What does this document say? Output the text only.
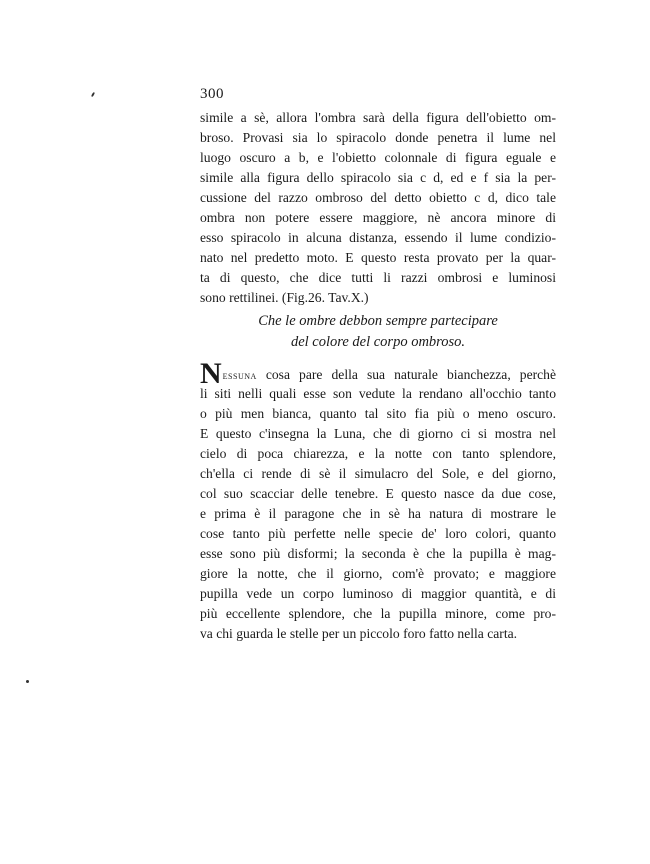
300
simile a sè, allora l'ombra sarà della figura dell'obietto om-
broso. Provasi sia lo spiracolo donde penetra il lume nel
luogo oscuro a b, e l'obietto colonnale di figura eguale e
simile alla figura dello spiracolo sia c d, ed e f sia la per-
cussione del razzo ombroso del detto obietto c d, dico tale
ombra non potere essere maggiore, nè ancora minore di
esso spiracolo in alcuna distanza, essendo il lume condizio-
nato nel predetto moto. E questo resta provato per la quar-
ta di questo, che dice tutti li razzi ombrosi e luminosi
sono rettilinei. (Fig.26. Tav.X.)
Che le ombre debbon sempre partecipare
del colore del corpo ombroso.
Nessuna cosa pare della sua naturale bianchezza, perchè
li siti nelli quali esse son vedute la rendano all'occhio tanto
o più men bianca, quanto tal sito fia più o meno oscuro.
E questo c'insegna la Luna, che di giorno ci si mostra nel
cielo di poca chiarezza, e la notte con tanto splendore,
ch'ella ci rende di sè il simulacro del Sole, e del giorno,
col suo scacciar delle tenebre. E questo nasce da due cose,
e prima è il paragone che in sè ha natura di mostrare le
cose tanto più perfette nelle specie de' loro colori, quanto
esse sono più disformi; la seconda è che la pupilla è mag-
giore la notte, che il giorno, com'è provato; e maggiore
pupilla vede un corpo luminoso di maggior quantità, e di
più eccellente splendore, che la pupilla minore, come pro-
va chi guarda le stelle per un piccolo foro fatto nella carta.
